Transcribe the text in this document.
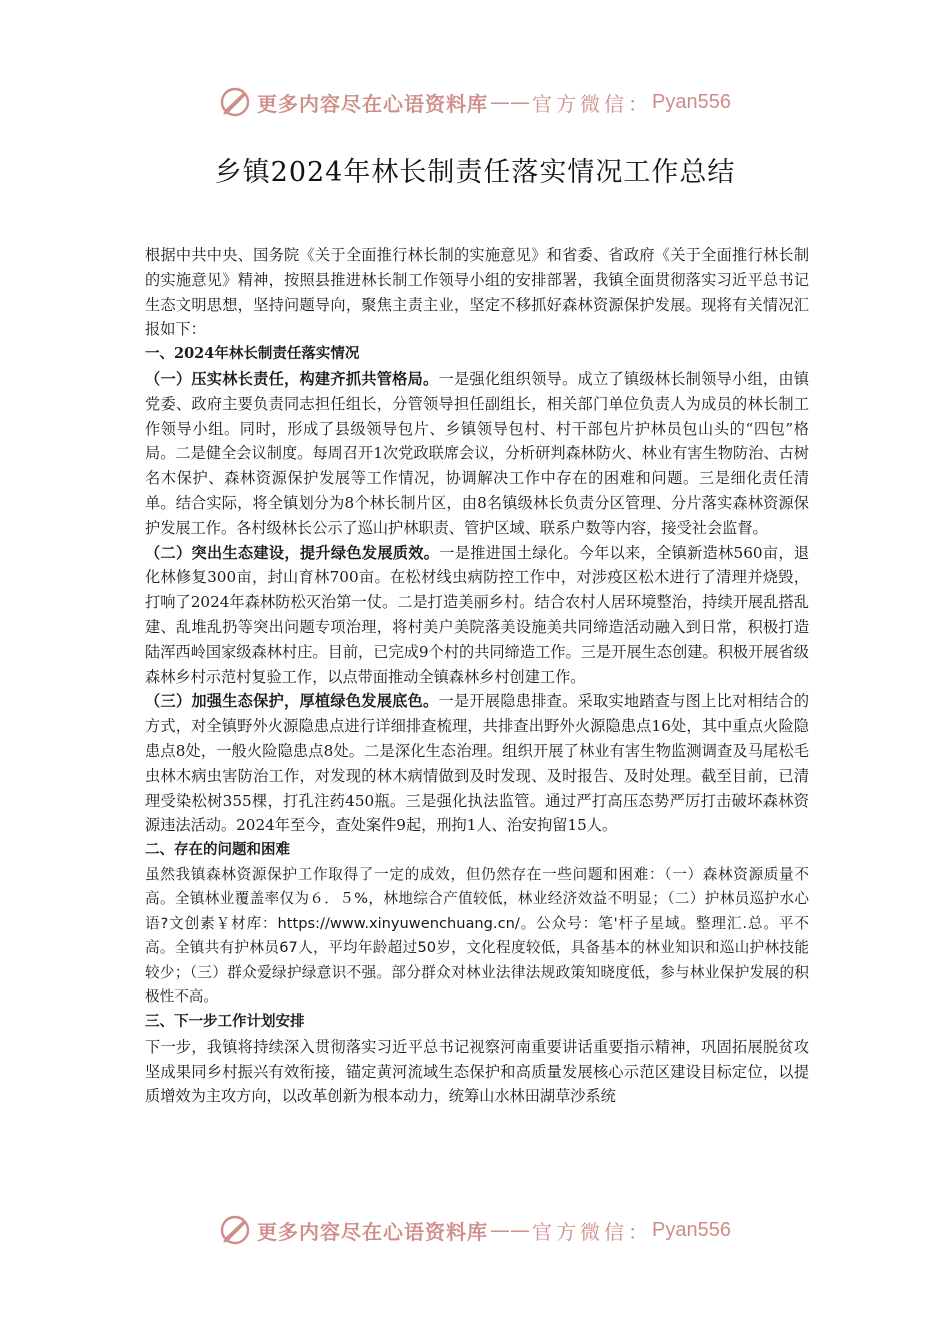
更多内容尽在心语资料库 —— 官方微信： Pyan556
乡镇2024年林长制责任落实情况工作总结

根据中共中央、国务院《关于全面推行林长制的实施意见》和省委、省政府《关于全面推行林长制的实施意见》精神，按照县推进林长制工作领导小组的安排部署，我镇全面贯彻落实习近平总书记生态文明思想，坚持问题导向，聚焦主责主业，坚定不移抓好森林资源保护发展。现将有关情况汇报如下：

一、2024年林长制责任落实情况

（一）压实林长责任，构建齐抓共管格局。一是强化组织领导。成立了镇级林长制领导小组，由镇党委、政府主要负责同志担任组长，分管领导担任副组长，相关部门单位负责人为成员的林长制工作领导小组。同时，形成了县级领导包片、乡镇领导包村、村干部包片护林员包山头的“四包”格局。二是健全会议制度。每周召开1次党政联席会议，分析研判森林防火、林业有害生物防治、古树名木保护、森林资源保护发展等工作情况，协调解决工作中存在的困难和问题。三是细化责任清单。结合实际，将全镇划分为8个林长制片区，由8名镇级林长负责分区管理、分片落实森林资源保护发展工作。各村级林长公示了巡山护林职责、管护区域、联系户数等内容，接受社会监督。

（二）突出生态建设，提升绿色发展质效。一是推进国土绿化。今年以来，全镇新造林560亩，退化林修复300亩，封山育林700亩。在松材线虫病防控工作中，对涉疫区松木进行了清理并烧毁，打响了2024年森林防松灭治第一仗。二是打造美丽乡村。结合农村人居环境整治，持续开展乱搭乱建、乱堆乱扔等突出问题专项治理，将村美户美院落美设施美共同缔造活动融入到日常，积极打造陆浑西岭国家级森林村庄。目前，已完成9个村的共同缔造工作。三是开展生态创建。积极开展省级森林乡村示范村复验工作，以点带面推动全镇森林乡村创建工作。

（三）加强生态保护，厚植绿色发展底色。一是开展隐患排查。采取实地踏查与图上比对相结合的方式，对全镇野外火源隐患点进行详细排查梳理，共排查出野外火源隐患点16处，其中重点火险隐患点8处，一般火险隐患点8处。二是深化生态治理。组织开展了林业有害生物监测调查及马尾松毛虫林木病虫害防治工作，对发现的林木病情做到及时发现、及时报告、及时处理。截至目前，已清理受染松树355棵，打孔注药450瓶。三是强化执法监管。通过严打高压态势严厉打击破坏森林资源违法活动。2024年至今，查处案件9起，刑拘1人、治安拘留15人。

二、存在的问题和困难

虽然我镇森林资源保护工作取得了一定的成效，但仍然存在一些问题和困难：（一）森林资源质量不高。全镇林业覆盖率仅为６．５%，林地综合产值较低，林业经济效益不明显；（二）护林员巡护水心语?文创素￥材库：https://www.xinyuwenchuang.cn/。公众号：笔'杆子星域。整理汇.总。平不高。全镇共有护林员67人，平均年龄超过50岁，文化程度较低，具备基本的林业知识和巡山护林技能较少；（三）群众爱绿护绿意识不强。部分群众对林业法律法规政策知晓度低，参与林业保护发展的积极性不高。

三、下一步工作计划安排

下一步，我镇将持续深入贯彻落实习近平总书记视察河南重要讲话重要指示精神，巩固拓展脱贫攻坚成果同乡村振兴有效衔接，锚定黄河流域生态保护和高质量发展核心示范区建设目标定位，以提质增效为主攻方向，以改革创新为根本动力，统筹山水林田湖草沙系统

更多内容尽在心语资料库 —— 官方微信： Pyan556
